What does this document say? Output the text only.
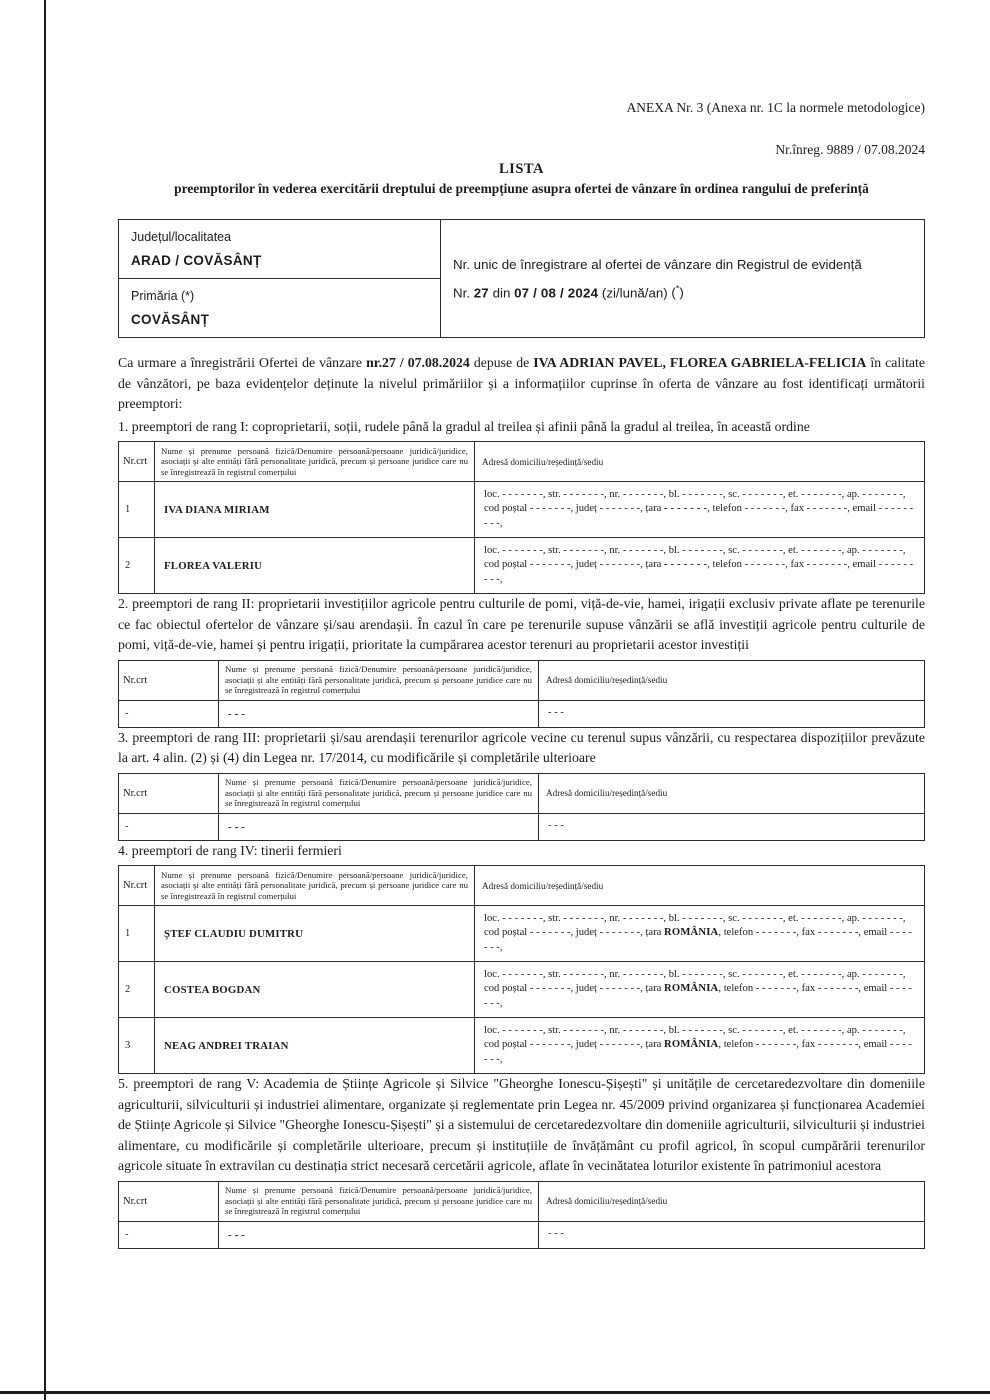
ANEXA Nr. 3 (Anexa nr. 1C la normele metodologice)
Nr.înreg. 9889 / 07.08.2024
LISTA
preemptorilor în vederea exercitării dreptului de preempțiune asupra ofertei de vânzare în ordinea rangului de preferință
Județul/localitatea
ARAD / COVĂSÂNȚ	Nr. unic de înregistrare al ofertei de vânzare din Registrul de evidență
Nr. 27 din 07 / 08 / 2024 (zi/lună/an) (*)

Primăria (*)
COVĂSÂNȚ

Ca urmare a înregistrării Ofertei de vânzare nr.27 / 07.08.2024 depuse de IVA ADRIAN PAVEL, FLOREA GABRIELA-FELICIA în calitate de vânzători, pe baza evidențelor deținute la nivelul primăriilor și a informațiilor cuprinse în oferta de vânzare au fost identificați următorii preemptori:

1. preemptori de rang I: coproprietarii, soții, rudele până la gradul al treilea și afinii până la gradul al treilea, în această ordine

Nr.crt	Nume și prenume persoană fizică/Denumire persoană/persoane juridică/juridice, asociații și alte entități fără personalitate juridică, precum și persoane juridice care nu se înregistrează în registrul comerțului	Adresă domiciliu/reședință/sediu
1	IVA DIANA MIRIAM	loc. - - - - - - -, str. - - - - - - -, nr. - - - - - - -, bl. - - - - - - -, sc. - - - - - - -, et. - - - - - - -, ap. - - - - - - -, cod poștal - - - - - - -, județ - - - - - - -, țara - - - - - - -, telefon - - - - - - -, fax - - - - - - -, email - - - - - - - - -,
2	FLOREA VALERIU	loc. - - - - - - -, str. - - - - - - -, nr. - - - - - - -, bl. - - - - - - -, sc. - - - - - - -, et. - - - - - - -, ap. - - - - - - -, cod poștal - - - - - - -, județ - - - - - - -, țara - - - - - - -, telefon - - - - - - -, fax - - - - - - -, email - - - - - - - - -,

2. preemptori de rang II: proprietarii investițiilor agricole pentru culturile de pomi, viță-de-vie, hamei, irigații exclusiv private aflate pe terenurile ce fac obiectul ofertelor de vânzare și/sau arendașii. În cazul în care pe terenurile supuse vânzării se află investiții agricole pentru culturile de pomi, viță-de-vie, hamei și pentru irigații, prioritate la cumpărarea acestor terenuri au proprietarii acestor investiții

Nr.crt	Nume și prenume persoană fizică/Denumire persoană/persoane juridică/juridice, asociații și alte entități fără personalitate juridică, precum și persoane juridice care nu se înregistrează în registrul comerțului	Adresă domiciliu/reședință/sediu
-	- - -	- - -

3. preemptori de rang III: proprietarii și/sau arendașii terenurilor agricole vecine cu terenul supus vânzării, cu respectarea dispozițiilor prevăzute la art. 4 alin. (2) și (4) din Legea nr. 17/2014, cu modificările și completările ulterioare

Nr.crt	Nume și prenume persoană fizică/Denumire persoană/persoane juridică/juridice, asociații și alte entități fără personalitate juridică, precum și persoane juridice care nu se înregistrează în registrul comerțului	Adresă domiciliu/reședință/sediu
-	- - -	- - -

4. preemptori de rang IV: tinerii fermieri

Nr.crt	Nume și prenume persoană fizică/Denumire persoană/persoane juridică/juridice, asociații și alte entități fără personalitate juridică, precum și persoane juridice care nu se înregistrează în registrul comerțului	Adresă domiciliu/reședință/sediu
1	ȘTEF CLAUDIU DUMITRU	loc. - - - - - - -, str. - - - - - - -, nr. - - - - - - -, bl. - - - - - - -, sc. - - - - - - -, et. - - - - - - -, ap. - - - - - - -, cod poștal - - - - - - -, județ - - - - - - -, țara ROMÂNIA, telefon - - - - - - -, fax - - - - - - -, email - - - - - - -,
2	COSTEA BOGDAN	loc. - - - - - - -, str. - - - - - - -, nr. - - - - - - -, bl. - - - - - - -, sc. - - - - - - -, et. - - - - - - -, ap. - - - - - - -, cod poștal - - - - - - -, județ - - - - - - -, țara ROMÂNIA, telefon - - - - - - -, fax - - - - - - -, email - - - - - - -,
3	NEAG ANDREI TRAIAN	loc. - - - - - - -, str. - - - - - - -, nr. - - - - - - -, bl. - - - - - - -, sc. - - - - - - -, et. - - - - - - -, ap. - - - - - - -, cod poștal - - - - - - -, județ - - - - - - -, țara ROMÂNIA, telefon - - - - - - -, fax - - - - - - -, email - - - - - - -,

5. preemptori de rang V: Academia de Științe Agricole și Silvice "Gheorghe Ionescu-Șișești" și unitățile de cercetaredezvoltare din domeniile agriculturii, silviculturii și industriei alimentare, organizate și reglementate prin Legea nr. 45/2009 privind organizarea și funcționarea Academiei de Științe Agricole și Silvice "Gheorghe Ionescu-Șișești" și a sistemului de cercetaredezvoltare din domeniile agriculturii, silviculturii și industriei alimentare, cu modificările și completările ulterioare, precum și instituțiile de învățământ cu profil agricol, în scopul cumpărării terenurilor agricole situate în extravilan cu destinația strict necesară cercetării agricole, aflate în vecinătatea loturilor existente în patrimoniul acestora

Nr.crt	Nume și prenume persoană fizică/Denumire persoană/persoane juridică/juridice, asociații și alte entități fără personalitate juridică, precum și persoane juridice care nu se înregistrează în registrul comerțului	Adresă domiciliu/reședință/sediu
-	- - -	- - -
